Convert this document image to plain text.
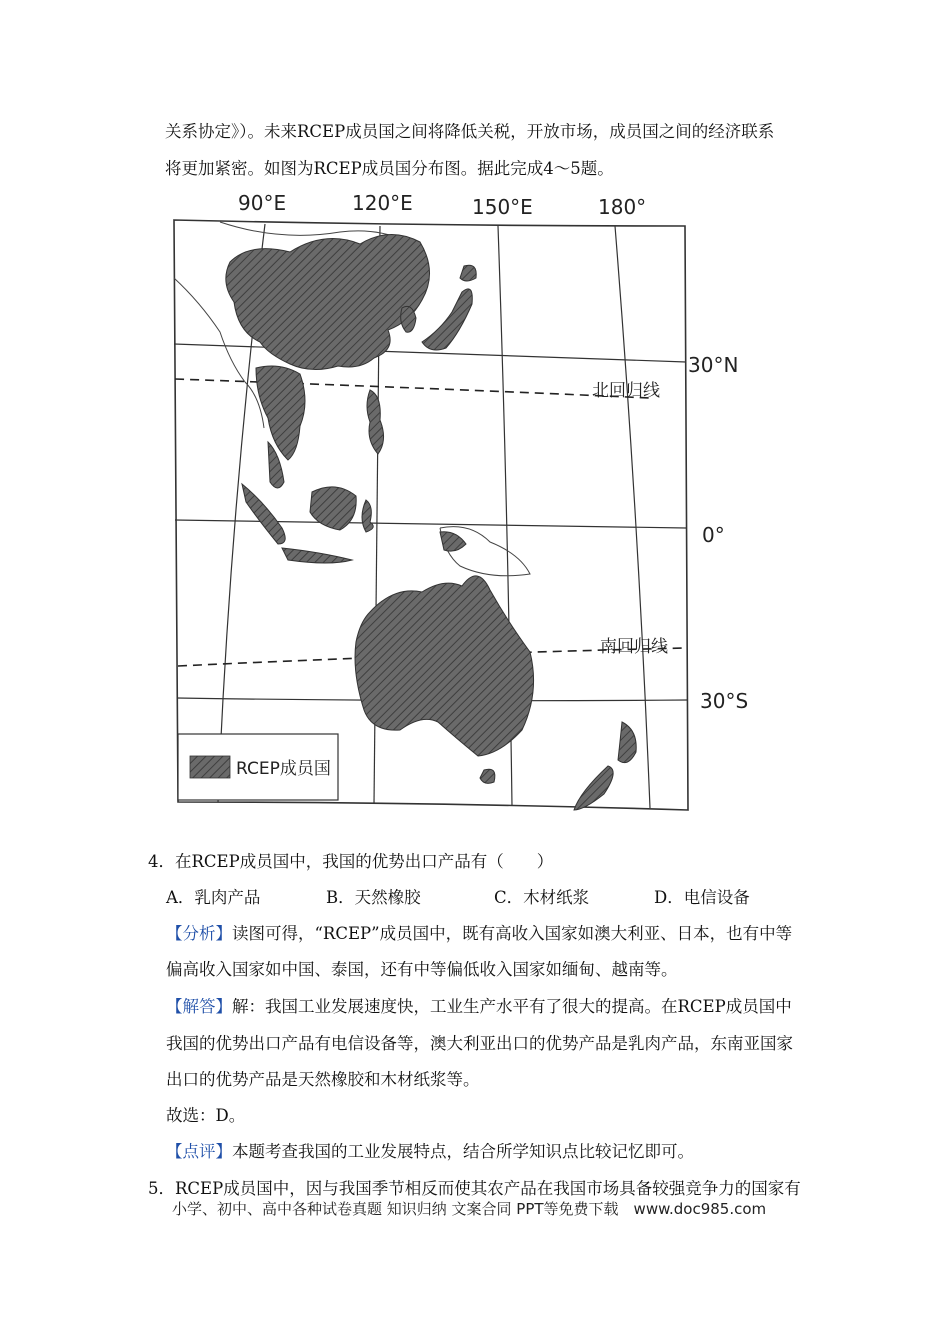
关系协定》）。未来RCEP成员国之间将降低关税，开放市场，成员国之间的经济联系
将更加紧密。如图为RCEP成员国分布图。据此完成4～5题。
90°E	120°E	150°E	180°
30°N
0°
30°S
北回归线
南回归线
RCEP成员国
4．在RCEP成员国中，我国的优势出口产品有（　　）
A．乳肉产品	B．天然橡胶	C．木材纸浆	D．电信设备
【分析】读图可得，“RCEP”成员国中，既有高收入国家如澳大利亚、日本，也有中等
偏高收入国家如中国、泰国，还有中等偏低收入国家如缅甸、越南等。
【解答】解：我国工业发展速度快，工业生产水平有了很大的提高。在RCEP成员国中
我国的优势出口产品有电信设备等，澳大利亚出口的优势产品是乳肉产品，东南亚国家
出口的优势产品是天然橡胶和木材纸浆等。
故选：D。
【点评】本题考查我国的工业发展特点，结合所学知识点比较记忆即可。
5．RCEP成员国中，因与我国季节相反而使其农产品在我国市场具备较强竞争力的国家有
小学、初中、高中各种试卷真题 知识归纳 文案合同 PPT等免费下载　www.doc985.com
